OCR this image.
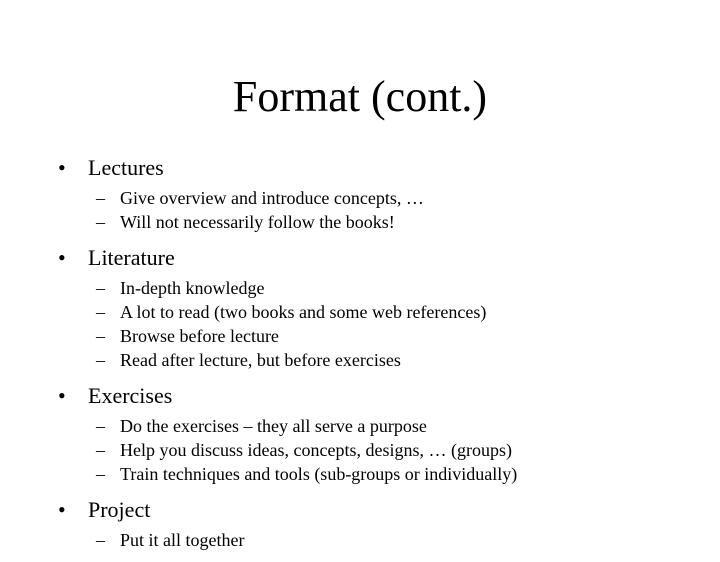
Format (cont.)

• Lectures

– Give overview and introduce concepts, …
– Will not necessarily follow the books!

• Literature

– In-depth knowledge
– A lot to read (two books and some web references)
– Browse before lecture
– Read after lecture, but before exercises

• Exercises

– Do the exercises – they all serve a purpose
– Help you discuss ideas, concepts, designs, … (groups)
– Train techniques and tools (sub-groups or individually)

• Project

– Put it all together
